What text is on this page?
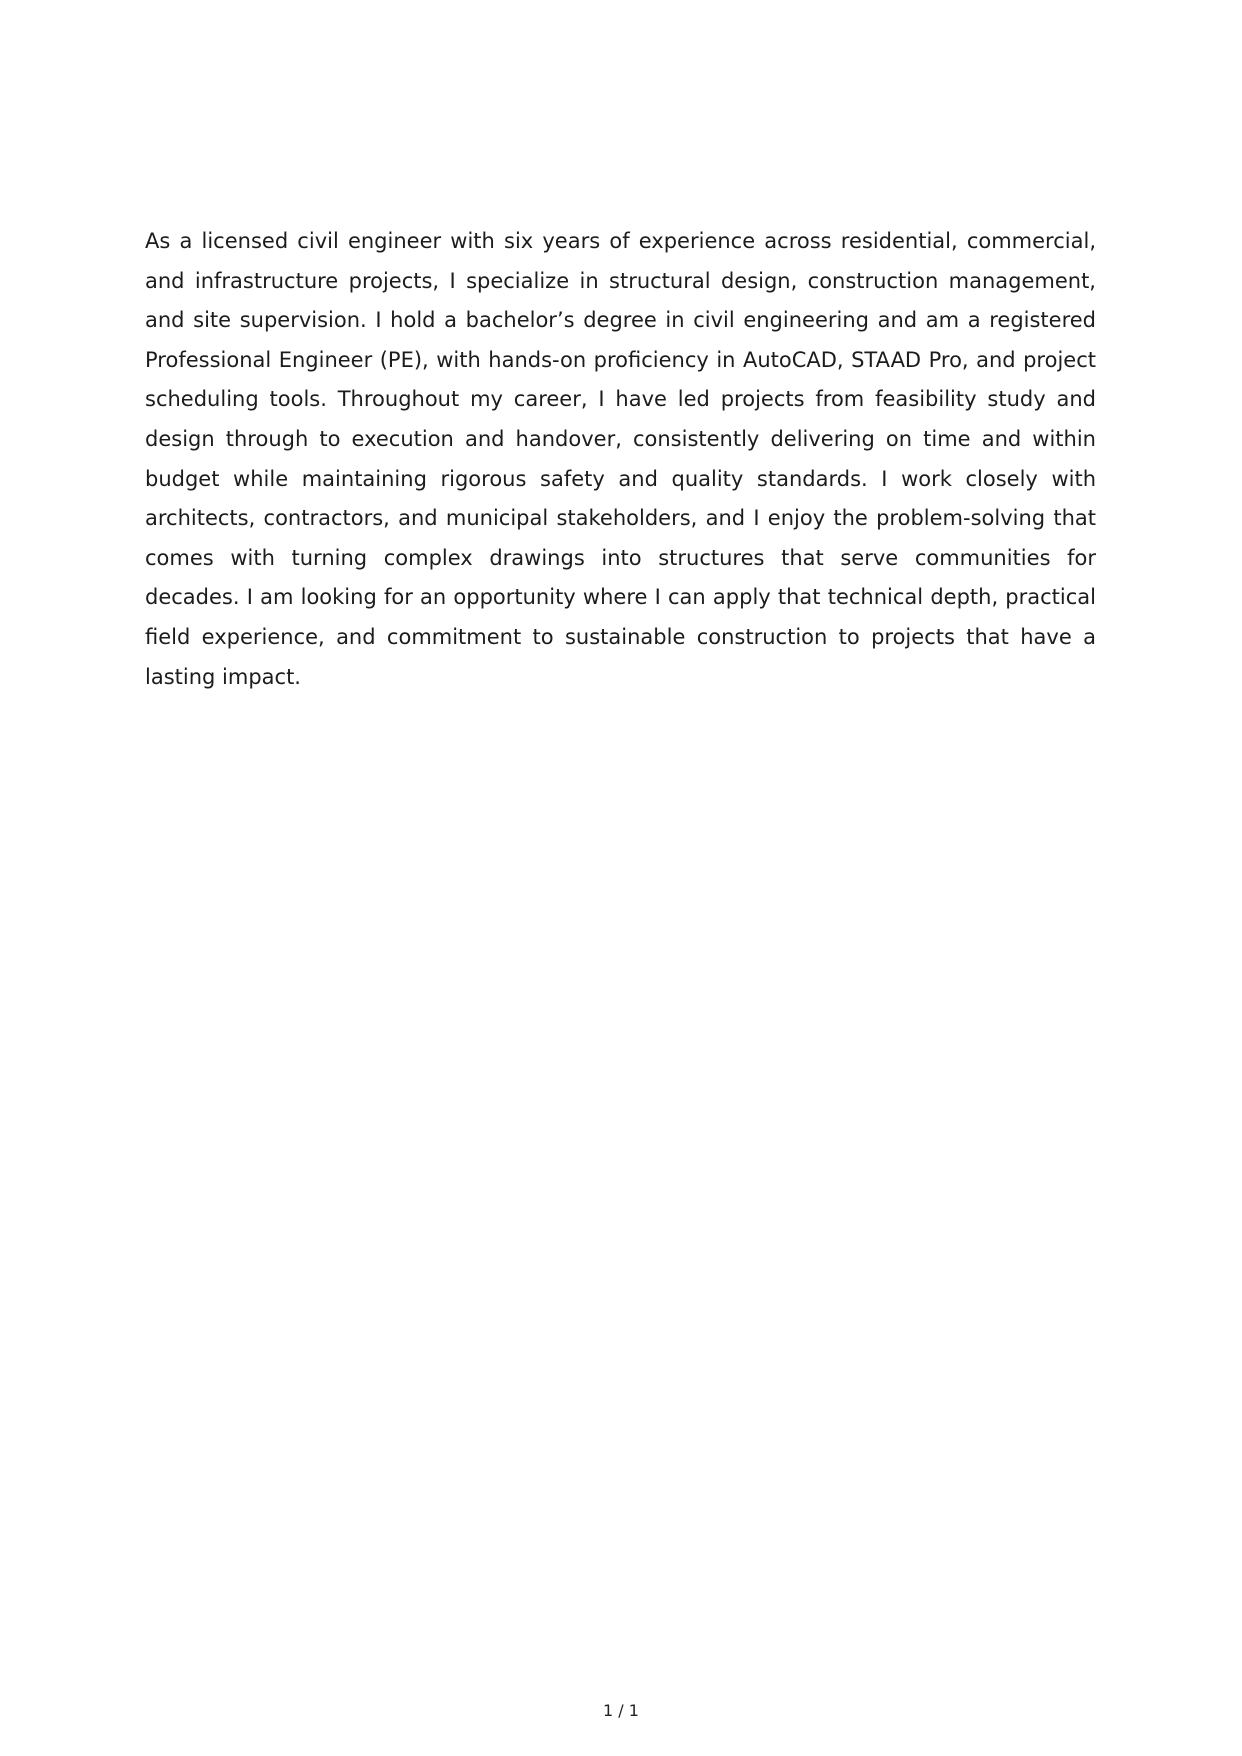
As a licensed civil engineer with six years of experience across residential, commercial, and infrastructure projects, I specialize in structural design, construction management, and site supervision. I hold a bachelor’s degree in civil engineering and am a registered Professional Engineer (PE), with hands-on proficiency in AutoCAD, STAAD Pro, and project scheduling tools. Throughout my career, I have led projects from feasibility study and design through to execution and handover, consistently delivering on time and within budget while maintaining rigorous safety and quality standards. I work closely with architects, contractors, and municipal stakeholders, and I enjoy the problem-solving that comes with turning complex drawings into structures that serve communities for decades. I am looking for an opportunity where I can apply that technical depth, practical field experience, and commitment to sustainable construction to projects that have a lasting impact.

1 / 1
